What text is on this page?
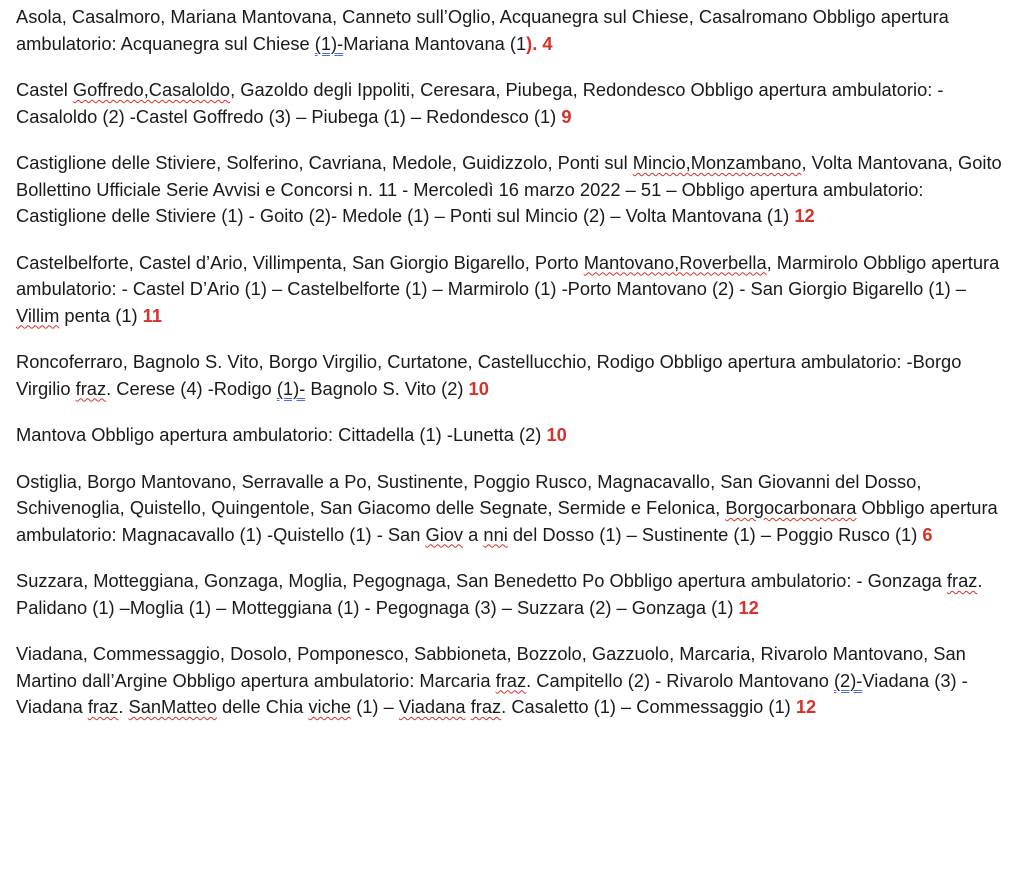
Asola, Casalmoro, Mariana Mantovana, Canneto sull’Oglio, Acquanegra sul Chiese, Casalromano Obbligo apertura ambulatorio: Acquanegra sul Chiese (1)-Mariana Mantovana (1). 4

Castel Goffredo,Casaloldo, Gazoldo degli Ippoliti, Ceresara, Piubega, Redondesco Obbligo apertura ambulatorio: -Casaloldo (2) -Castel Goffredo (3) – Piubega (1) – Redondesco (1) 9

Castiglione delle Stiviere, Solferino, Cavriana, Medole, Guidizzolo, Ponti sul Mincio,Monzambano, Volta Mantovana, Goito Bollettino Ufficiale Serie Avvisi e Concorsi n. 11 - Mercoledì 16 marzo 2022 – 51 – Obbligo apertura ambulatorio: Castiglione delle Stiviere (1) - Goito (2)- Medole (1) – Ponti sul Mincio (2) – Volta Mantovana (1) 12

Castelbelforte, Castel d’Ario, Villimpenta, San Giorgio Bigarello, Porto Mantovano,Roverbella, Marmirolo Obbligo apertura ambulatorio: - Castel D’Ario (1) – Castelbelforte (1) – Marmirolo (1) -Porto Mantovano (2) - San Giorgio Bigarello (1) – Villim penta (1) 11

Roncoferraro, Bagnolo S. Vito, Borgo Virgilio, Curtatone, Castellucchio, Rodigo Obbligo apertura ambulatorio: -Borgo Virgilio fraz. Cerese (4) -Rodigo (1)- Bagnolo S. Vito (2) 10

Mantova Obbligo apertura ambulatorio: Cittadella (1) -Lunetta (2) 10

Ostiglia, Borgo Mantovano, Serravalle a Po, Sustinente, Poggio Rusco, Magnacavallo, San Giovanni del Dosso, Schivenoglia, Quistello, Quingentole, San Giacomo delle Segnate, Sermide e Felonica, Borgocarbonara Obbligo apertura ambulatorio: Magnacavallo (1) -Quistello (1) - San Giov a nni del Dosso (1) – Sustinente (1) – Poggio Rusco (1) 6

Suzzara, Motteggiana, Gonzaga, Moglia, Pegognaga, San Benedetto Po Obbligo apertura ambulatorio: - Gonzaga fraz. Palidano (1) –Moglia (1) – Motteggiana (1) - Pegognaga (3) – Suzzara (2) – Gonzaga (1) 12

Viadana, Commessaggio, Dosolo, Pomponesco, Sabbioneta, Bozzolo, Gazzuolo, Marcaria, Rivarolo Mantovano, San Martino dall’Argine Obbligo apertura ambulatorio: Marcaria fraz. Campitello (2) - Rivarolo Mantovano (2)-Viadana (3) -Viadana fraz. SanMatteo delle Chia viche (1) – Viadana fraz. Casaletto (1) – Commessaggio (1) 12
